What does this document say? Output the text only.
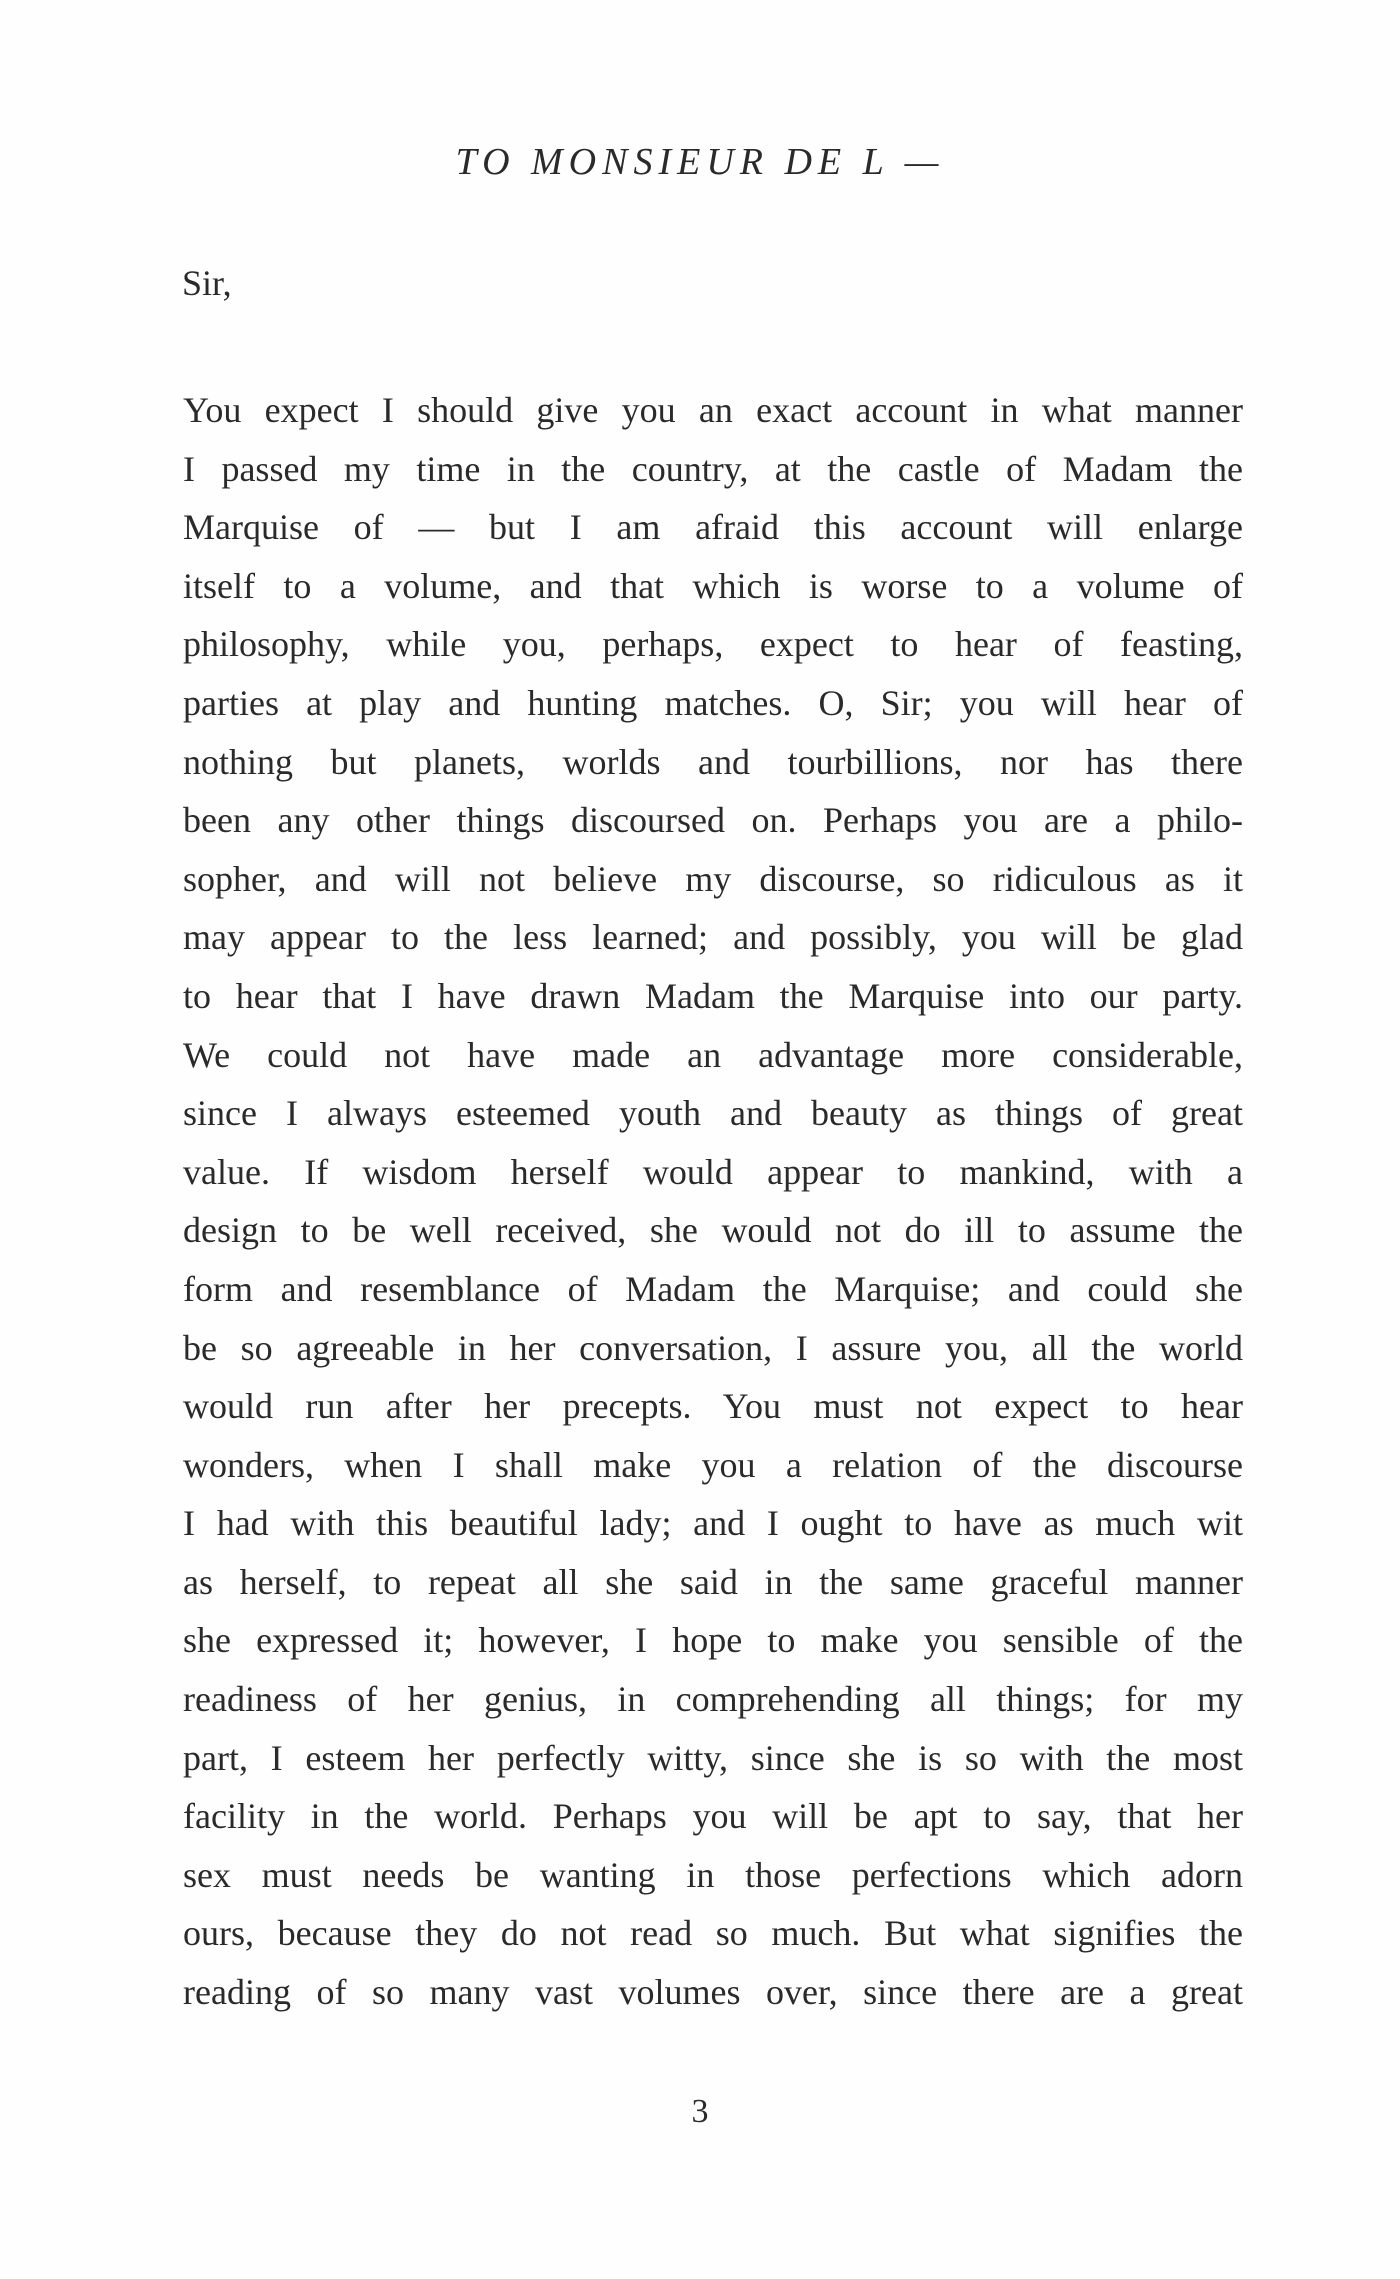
TO MONSIEUR DE L —
Sir,
You expect I should give you an exact account in what manner
I passed my time in the country, at the castle of Madam the
Marquise of — but I am afraid this account will enlarge
itself to a volume, and that which is worse to a volume of
philosophy, while you, perhaps, expect to hear of feasting,
parties at play and hunting matches. O, Sir; you will hear of
nothing but planets, worlds and tourbillions, nor has there
been any other things discoursed on. Perhaps you are a philo-
sopher, and will not believe my discourse, so ridiculous as it
may appear to the less learned; and possibly, you will be glad
to hear that I have drawn Madam the Marquise into our party.
We could not have made an advantage more considerable,
since I always esteemed youth and beauty as things of great
value. If wisdom herself would appear to mankind, with a
design to be well received, she would not do ill to assume the
form and resemblance of Madam the Marquise; and could she
be so agreeable in her conversation, I assure you, all the world
would run after her precepts. You must not expect to hear
wonders, when I shall make you a relation of the discourse
I had with this beautiful lady; and I ought to have as much wit
as herself, to repeat all she said in the same graceful manner
she expressed it; however, I hope to make you sensible of the
readiness of her genius, in comprehending all things; for my
part, I esteem her perfectly witty, since she is so with the most
facility in the world. Perhaps you will be apt to say, that her
sex must needs be wanting in those perfections which adorn
ours, because they do not read so much. But what signifies the
reading of so many vast volumes over, since there are a great
3
